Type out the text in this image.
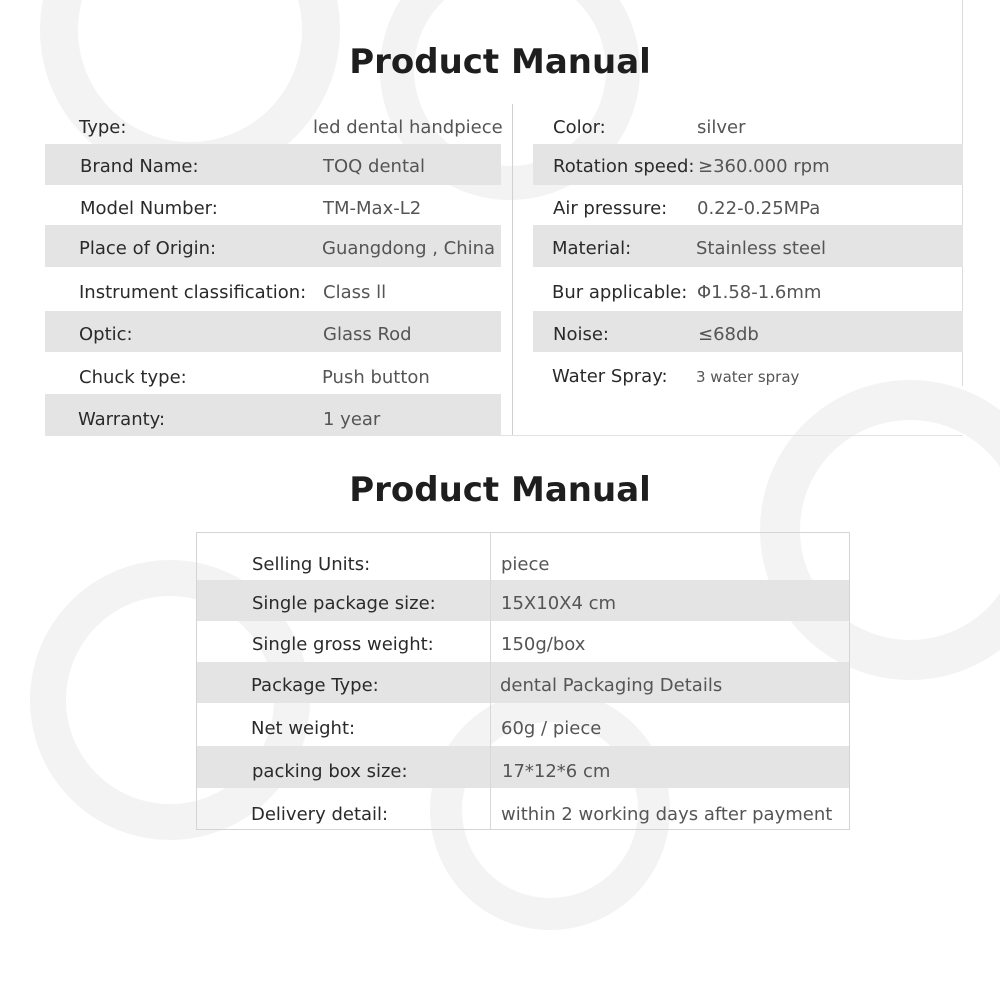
Product Manual
Type:	led dental handpiece
Brand Name:	TOQ dental
Model Number:	TM-Max-L2
Place of Origin:	Guangdong , China
Instrument classification: Class ll
Optic:	Glass Rod
Chuck type:	Push button
Warranty:	1 year
Color:	silver
Rotation speed: ≥360.000 rpm
Air pressure: 0.22-0.25MPa
Material:	Stainless steel
Bur applicable: Φ1.58-1.6mm
Noise:	≤68db
Water Spray: 3 water spray
Product Manual
Selling Units:	piece
Single package size:	15X10X4 cm
Single gross weight:	150g/box
Package Type:	dental Packaging Details
Net weight:	60g / piece
packing box size:	17*12*6 cm
Delivery detail:	within 2 working days after payment
